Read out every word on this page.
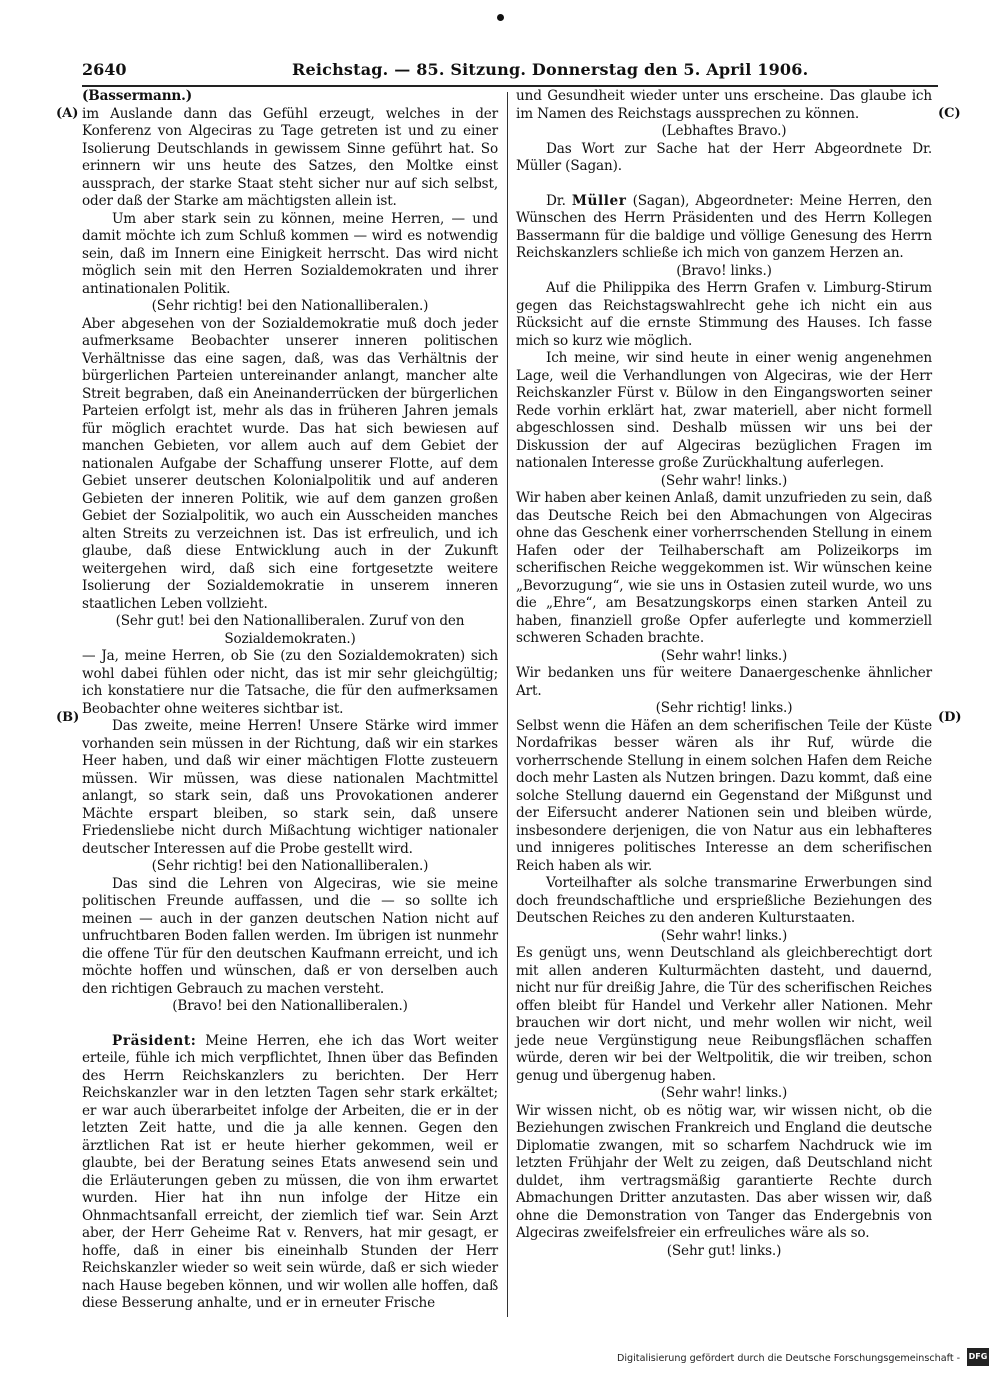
2640	Reichstag. — 85. Sitzung. Donnerstag den 5. April 1906.
(A)
(B)
(C)
(D)

(Bassermann.)

im Auslande dann das Gefühl erzeugt, welches in der Konferenz von Algeciras zu Tage getreten ist und zu einer Isolierung Deutschlands in gewissem Sinne geführt hat. So erinnern wir uns heute des Satzes, den Moltke einst aussprach, der starke Staat steht sicher nur auf sich selbst, oder daß der Starke am mächtigsten allein ist.

Um aber stark sein zu können, meine Herren, — und damit möchte ich zum Schluß kommen — wird es notwendig sein, daß im Innern eine Einigkeit herrscht. Das wird nicht möglich sein mit den Herren Sozialdemokraten und ihrer antinationalen Politik.

(Sehr richtig! bei den Nationalliberalen.)

Aber abgesehen von der Sozialdemokratie muß doch jeder aufmerksame Beobachter unserer inneren politischen Verhältnisse das eine sagen, daß, was das Verhältnis der bürgerlichen Parteien untereinander anlangt, mancher alte Streit begraben, daß ein Aneinanderrücken der bürgerlichen Parteien erfolgt ist, mehr als das in früheren Jahren jemals für möglich erachtet wurde. Das hat sich bewiesen auf manchen Gebieten, vor allem auch auf dem Gebiet der nationalen Aufgabe der Schaffung unserer Flotte, auf dem Gebiet unserer deutschen Kolonialpolitik und auf anderen Gebieten der inneren Politik, wie auf dem ganzen großen Gebiet der Sozialpolitik, wo auch ein Ausscheiden manches alten Streits zu verzeichnen ist. Das ist erfreulich, und ich glaube, daß diese Entwicklung auch in der Zukunft weitergehen wird, daß sich eine fortgesetzte weitere Isolierung der Sozialdemokratie in unserem inneren staatlichen Leben vollzieht.

(Sehr gut! bei den Nationalliberalen. Zuruf von den Sozialdemokraten.)

— Ja, meine Herren, ob Sie (zu den Sozialdemokraten) sich wohl dabei fühlen oder nicht, das ist mir sehr gleichgültig; ich konstatiere nur die Tatsache, die für den aufmerksamen Beobachter ohne weiteres sichtbar ist.

Das zweite, meine Herren! Unsere Stärke wird immer vorhanden sein müssen in der Richtung, daß wir ein starkes Heer haben, und daß wir einer mächtigen Flotte zusteuern müssen. Wir müssen, was diese nationalen Machtmittel anlangt, so stark sein, daß uns Provokationen anderer Mächte erspart bleiben, so stark sein, daß unsere Friedensliebe nicht durch Mißachtung wichtiger nationaler deutscher Interessen auf die Probe gestellt wird.

(Sehr richtig! bei den Nationalliberalen.)

Das sind die Lehren von Algeciras, wie sie meine politischen Freunde auffassen, und die — so sollte ich meinen — auch in der ganzen deutschen Nation nicht auf unfruchtbaren Boden fallen werden. Im übrigen ist nunmehr die offene Tür für den deutschen Kaufmann erreicht, und ich möchte hoffen und wünschen, daß er von derselben auch den richtigen Gebrauch zu machen versteht.

(Bravo! bei den Nationalliberalen.)

Präsident: Meine Herren, ehe ich das Wort weiter erteile, fühle ich mich verpflichtet, Ihnen über das Befinden des Herrn Reichskanzlers zu berichten. Der Herr Reichskanzler war in den letzten Tagen sehr stark erkältet; er war auch überarbeitet infolge der Arbeiten, die er in der letzten Zeit hatte, und die ja alle kennen. Gegen den ärztlichen Rat ist er heute hierher gekommen, weil er glaubte, bei der Beratung seines Etats anwesend sein und die Erläuterungen geben zu müssen, die von ihm erwartet wurden. Hier hat ihn nun infolge der Hitze ein Ohnmachtsanfall erreicht, der ziemlich tief war. Sein Arzt aber, der Herr Geheime Rat v. Renvers, hat mir gesagt, er hoffe, daß in einer bis eineinhalb Stunden der Herr Reichskanzler wieder so weit sein würde, daß er sich wieder nach Hause begeben können, und wir wollen alle hoffen, daß diese Besserung anhalte, und er in erneuter Frische

und Gesundheit wieder unter uns erscheine. Das glaube ich im Namen des Reichstags aussprechen zu können.

(Lebhaftes Bravo.)

Das Wort zur Sache hat der Herr Abgeordnete Dr. Müller (Sagan).

Dr. Müller (Sagan), Abgeordneter: Meine Herren, den Wünschen des Herrn Präsidenten und des Herrn Kollegen Bassermann für die baldige und völlige Genesung des Herrn Reichskanzlers schließe ich mich von ganzem Herzen an.

(Bravo! links.)

Auf die Philippika des Herrn Grafen v. Limburg-Stirum gegen das Reichstagswahlrecht gehe ich nicht ein aus Rücksicht auf die ernste Stimmung des Hauses. Ich fasse mich so kurz wie möglich.

Ich meine, wir sind heute in einer wenig angenehmen Lage, weil die Verhandlungen von Algeciras, wie der Herr Reichskanzler Fürst v. Bülow in den Eingangsworten seiner Rede vorhin erklärt hat, zwar materiell, aber nicht formell abgeschlossen sind. Deshalb müssen wir uns bei der Diskussion der auf Algeciras bezüglichen Fragen im nationalen Interesse große Zurückhaltung auferlegen.

(Sehr wahr! links.)

Wir haben aber keinen Anlaß, damit unzufrieden zu sein, daß das Deutsche Reich bei den Abmachungen von Algeciras ohne das Geschenk einer vorherrschenden Stellung in einem Hafen oder der Teilhaberschaft am Polizeikorps im scherifischen Reiche weggekommen ist. Wir wünschen keine „Bevorzugung“, wie sie uns in Ostasien zuteil wurde, wo uns die „Ehre“, am Besatzungskorps einen starken Anteil zu haben, finanziell große Opfer auferlegte und kommerziell schweren Schaden brachte.

(Sehr wahr! links.)

Wir bedanken uns für weitere Danaergeschenke ähnlicher Art.

(Sehr richtig! links.)

Selbst wenn die Häfen an dem scherifischen Teile der Küste Nordafrikas besser wären als ihr Ruf, würde die vorherrschende Stellung in einem solchen Hafen dem Reiche doch mehr Lasten als Nutzen bringen. Dazu kommt, daß eine solche Stellung dauernd ein Gegenstand der Mißgunst und der Eifersucht anderer Nationen sein und bleiben würde, insbesondere derjenigen, die von Natur aus ein lebhafteres und innigeres politisches Interesse an dem scherifischen Reich haben als wir.

Vorteilhafter als solche transmarine Erwerbungen sind doch freundschaftliche und ersprießliche Beziehungen des Deutschen Reiches zu den anderen Kulturstaaten.

(Sehr wahr! links.)

Es genügt uns, wenn Deutschland als gleichberechtigt dort mit allen anderen Kulturmächten dasteht, und dauernd, nicht nur für dreißig Jahre, die Tür des scherifischen Reiches offen bleibt für Handel und Verkehr aller Nationen. Mehr brauchen wir dort nicht, und mehr wollen wir nicht, weil jede neue Vergünstigung neue Reibungsflächen schaffen würde, deren wir bei der Weltpolitik, die wir treiben, schon genug und übergenug haben.

(Sehr wahr! links.)

Wir wissen nicht, ob es nötig war, wir wissen nicht, ob die Beziehungen zwischen Frankreich und England die deutsche Diplomatie zwangen, mit so scharfem Nachdruck wie im letzten Frühjahr der Welt zu zeigen, daß Deutschland nicht duldet, ihm vertragsmäßig garantierte Rechte durch Abmachungen Dritter anzutasten. Das aber wissen wir, daß ohne die Demonstration von Tanger das Endergebnis von Algeciras zweifelsfreier ein erfreuliches wäre als so.

(Sehr gut! links.)

Digitalisierung gefördert durch die Deutsche Forschungsgemeinschaft - DFG
